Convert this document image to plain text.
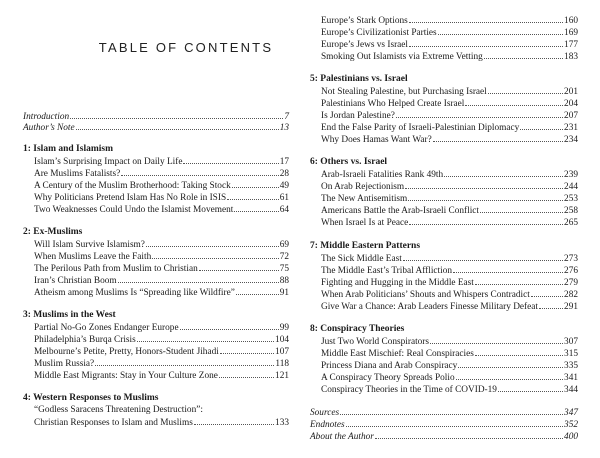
TABLE OF CONTENTS
Introduction	7
Author’s Note	13
1: Islam and Islamism
Islam’s Surprising Impact on Daily Life	17
Are Muslims Fatalists?	28
A Century of the Muslim Brotherhood: Taking Stock	49
Why Politicians Pretend Islam Has No Role in ISIS	61
Two Weaknesses Could Undo the Islamist Movement	64
2: Ex-Muslims
Will Islam Survive Islamism?	69
When Muslims Leave the Faith	72
The Perilous Path from Muslim to Christian	75
Iran’s Christian Boom	88
Atheism among Muslims Is “Spreading like Wildfire”	91
3: Muslims in the West
Partial No-Go Zones Endanger Europe	99
Philadelphia’s Burqa Crisis	104
Melbourne’s Petite, Pretty, Honors-Student Jihadi	107
Muslim Russia?	118
Middle East Migrants: Stay in Your Culture Zone	121
4: Western Responses to Muslims
“Godless Saracens Threatening Destruction”:
Christian Responses to Islam and Muslims	133
Europe’s Stark Options	160
Europe’s Civilizationist Parties	169
Europe’s Jews vs Israel	177
Smoking Out Islamists via Extreme Vetting	183
5: Palestinians vs. Israel
Not Stealing Palestine, but Purchasing Israel	201
Palestinians Who Helped Create Israel	204
Is Jordan Palestine?	207
End the False Parity of Israeli-Palestinian Diplomacy	231
Why Does Hamas Want War?	234
6: Others vs. Israel
Arab-Israeli Fatalities Rank 49th	239
On Arab Rejectionism	244
The New Antisemitism	253
Americans Battle the Arab-Israeli Conflict	258
When Israel Is at Peace	265
7: Middle Eastern Patterns
The Sick Middle East	273
The Middle East’s Tribal Affliction	276
Fighting and Hugging in the Middle East	279
When Arab Politicians’ Shouts and Whispers Contradict	282
Give War a Chance: Arab Leaders Finesse Military Defeat	291
8: Conspiracy Theories
Just Two World Conspirators	307
Middle East Mischief: Real Conspiracies	315
Princess Diana and Arab Conspiracy	335
A Conspiracy Theory Spreads Polio	341
Conspiracy Theories in the Time of COVID-19	344
Sources	347
Endnotes	352
About the Author	400
